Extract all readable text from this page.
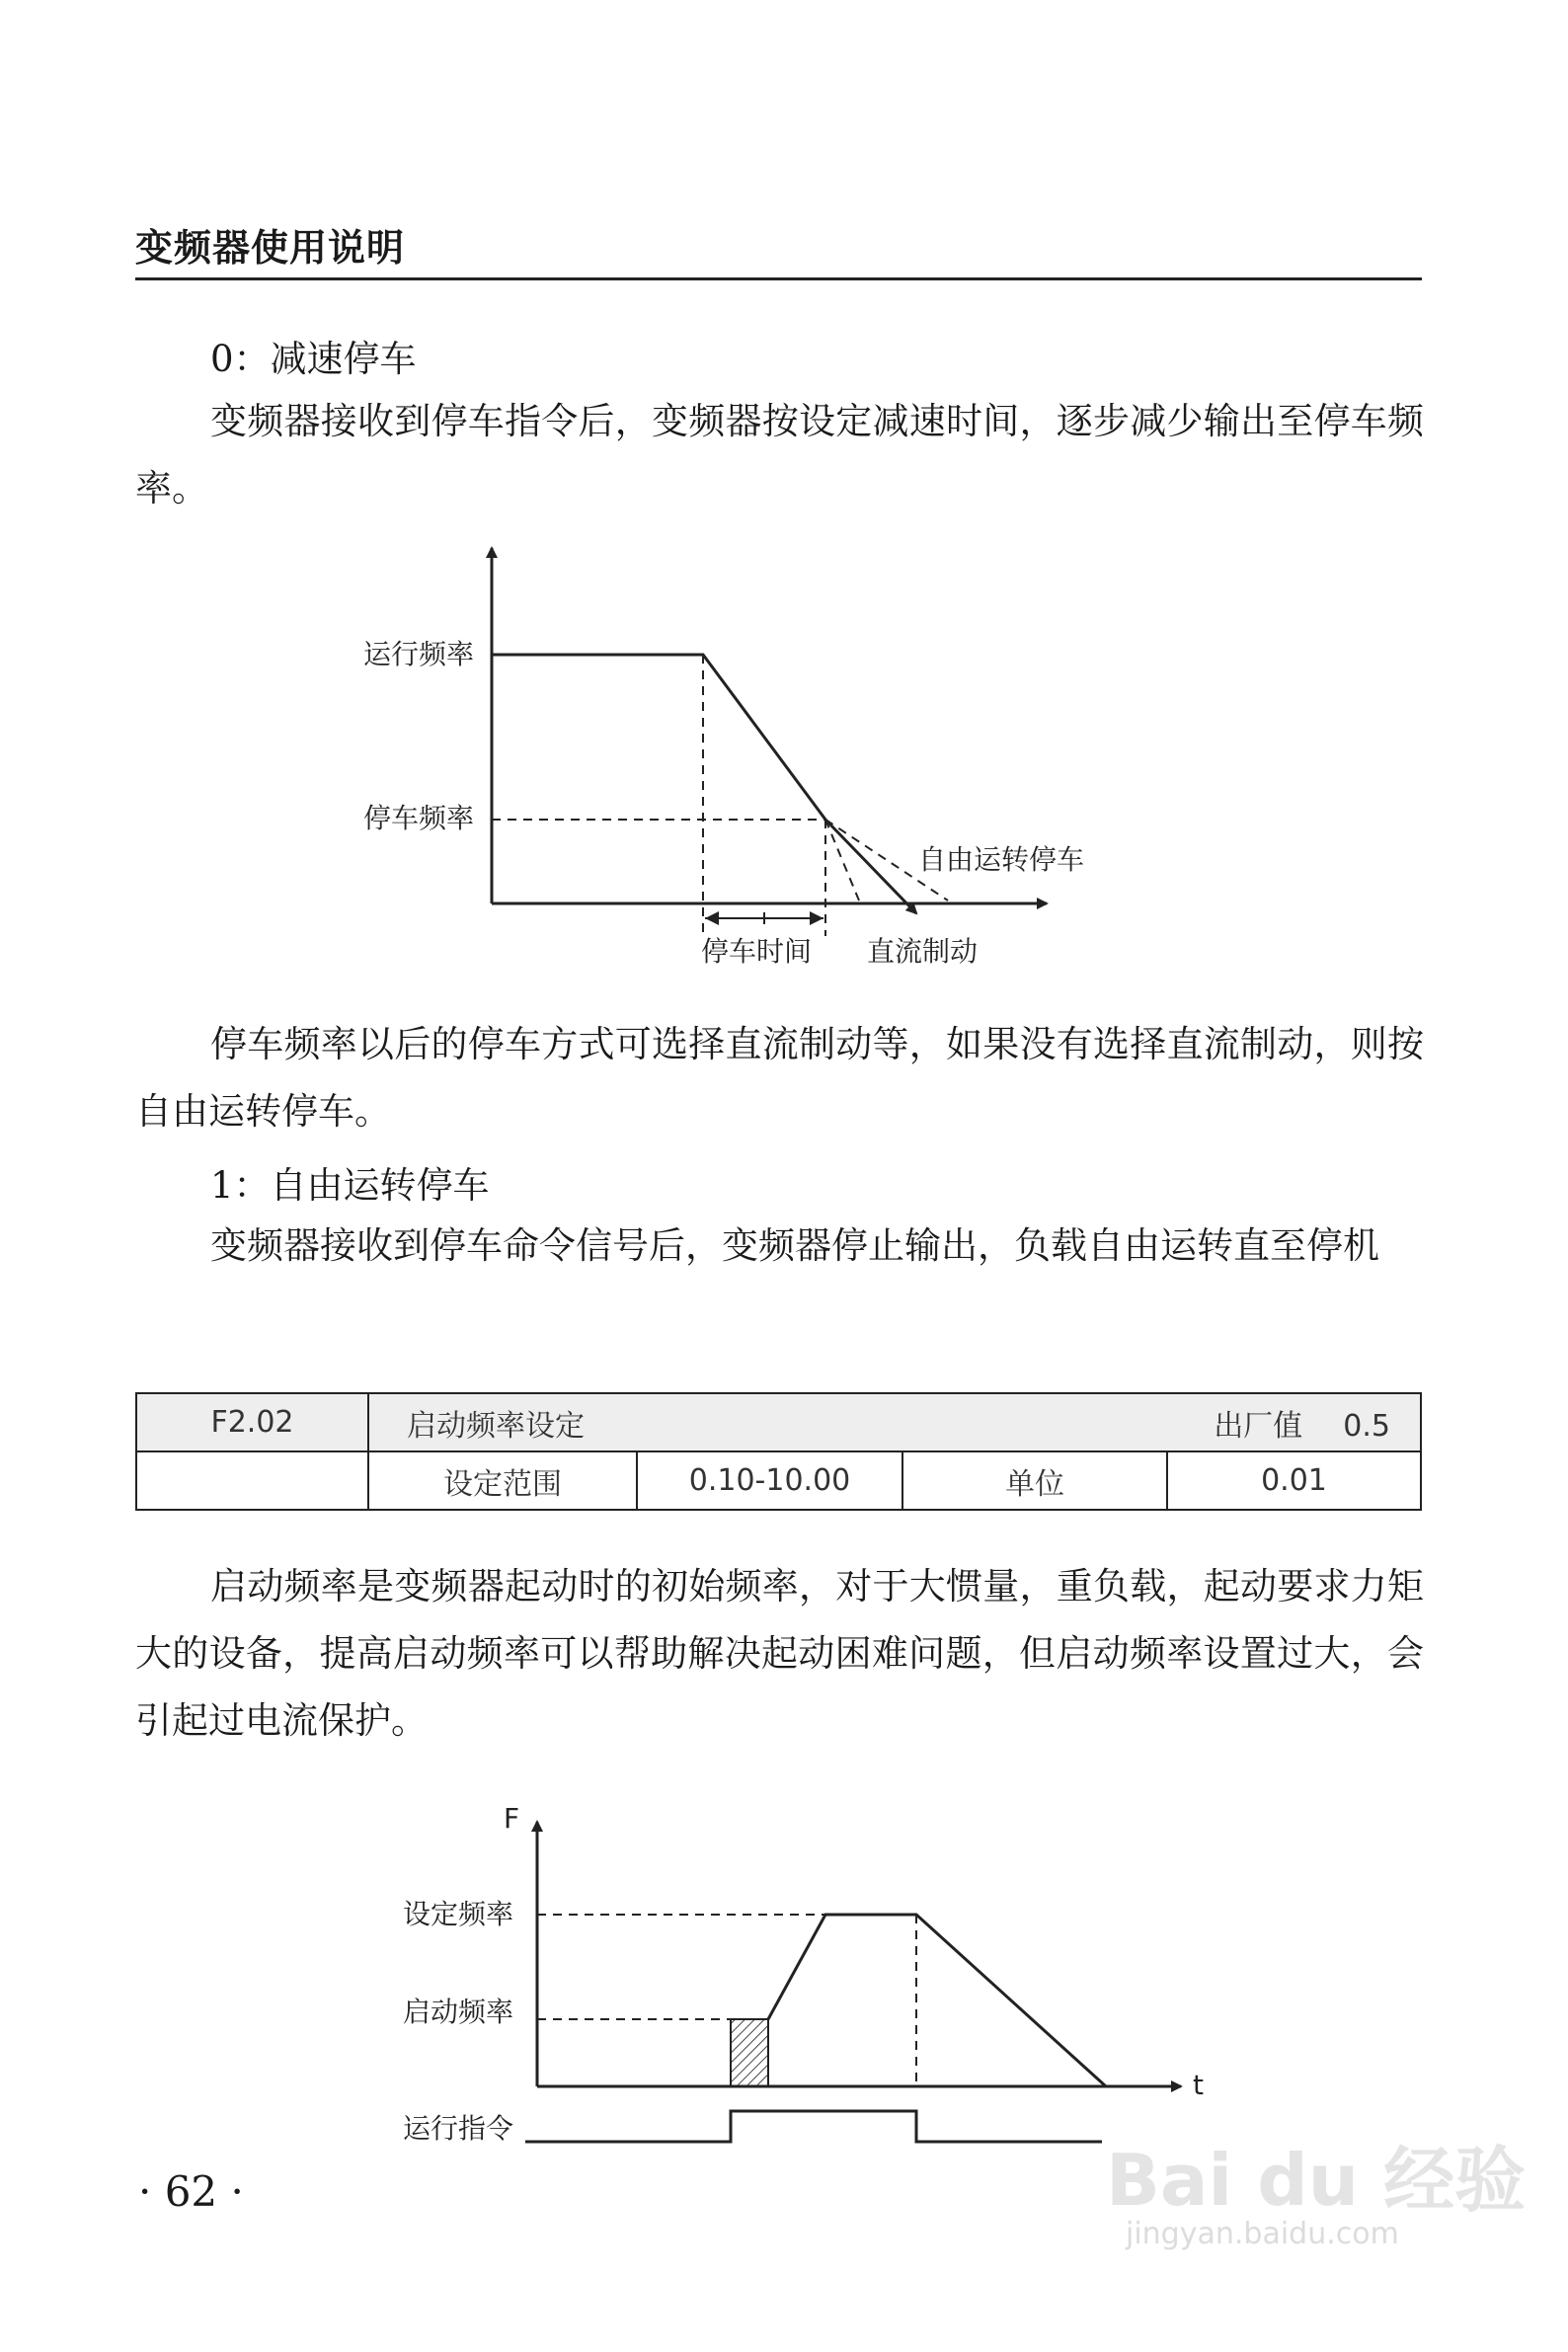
变频器使用说明
0：减速停车
变频器接收到停车指令后，变频器按设定减速时间，逐步减少输出至停车频率。
运行频率
停车频率
自由运转停车
停车时间 直流制动
停车频率以后的停车方式可选择直流制动等，如果没有选择直流制动，则按自由运转停车。
1：自由运转停车
变频器接收到停车命令信号后，变频器停止输出，负载自由运转直至停机
F2.02	启动频率设定 出厂值 0.5			

	设定范围	0.10-10.00	单位	0.01
启动频率是变频器起动时的初始频率，对于大惯量，重负载，起动要求力矩大的设备，提高启动频率可以帮助解决起动困难问题，但启动频率设置过大，会引起过电流保护。
F
t
设定频率
启动频率
运行指令
· 62 ·	Bai du 经验
jingyan.baidu.com
